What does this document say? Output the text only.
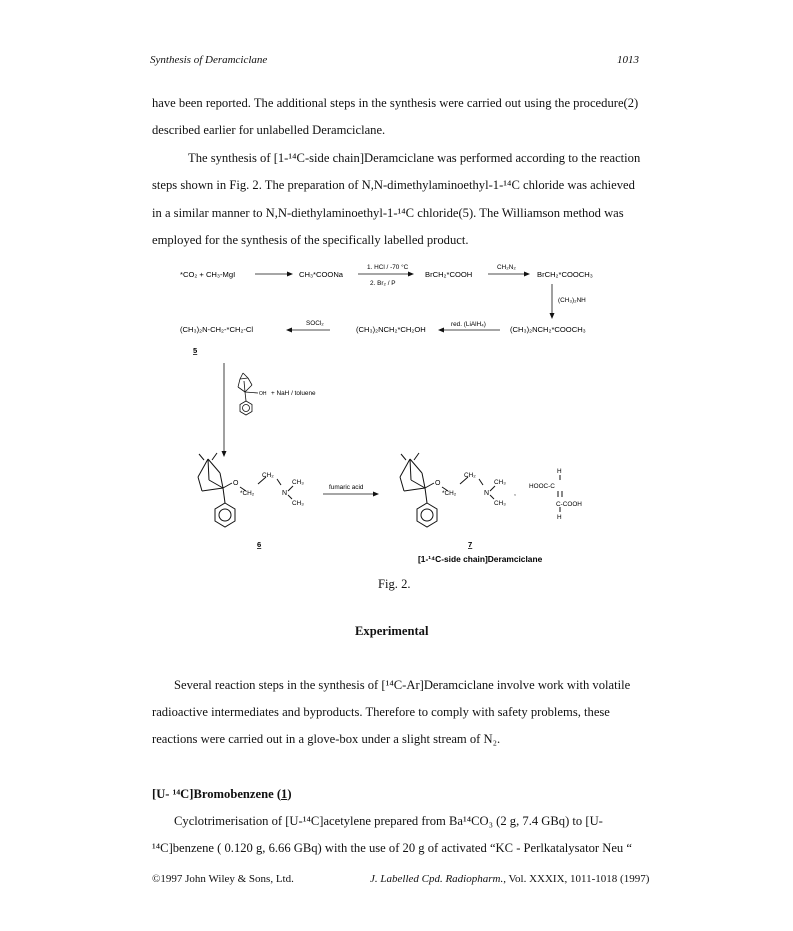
Synthesis of Deramciclane	1013
have been reported. The additional steps in the synthesis were carried out using the procedure(2)
described earlier for unlabelled Deramciclane.
The synthesis of [1-¹⁴C-side chain]Deramciclane was performed according to the reaction
steps shown in Fig. 2. The preparation of N,N-dimethylaminoethyl-1-¹⁴C chloride was achieved
in a similar manner to N,N-diethylaminoethyl-1-¹⁴C chloride(5). The Williamson method was
employed for the synthesis of the specifically labelled product.
*CO₂ + CH₃-MgI	CH₃*COONa
1. HCl / -70 °C
2. Br₂ / P
BrCH₂*COOH
CH₂N₂
BrCH₂*COOCH₃
(CH₃)₂NH
(CH₃)₂N-CH₂-*CH₂-Cl
5
SOCl₂
(CH₃)₂NCH₂*CH₂OH
red. (LiAlH₄)
(CH₃)₂NCH₂*COOCH₃
OH + NaH / toluene
O
*CH₂
CH₂
N
CH₃
CH₃
6
fumaric acid
O
*CH₂
CH₂
N
CH₃
CH₃
,
H
HOOC-C
C-COOH
H
7
[1-¹⁴C-side chain]Deramciclane
Fig. 2.
Experimental
Several reaction steps in the synthesis of [¹⁴C-Ar]Deramciclane involve work with volatile
radioactive intermediates and byproducts. Therefore to comply with safety problems, these
reactions were carried out in a glove-box under a slight stream of N₂.
[U- ¹⁴C]Bromobenzene (1)
Cyclotrimerisation of [U-¹⁴C]acetylene prepared from Ba¹⁴CO₃ (2 g, 7.4 GBq) to [U-
¹⁴C]benzene ( 0.120 g, 6.66 GBq) with the use of 20 g of activated “KC - Perlkatalysator Neu “
©1997 John Wiley & Sons, Ltd.	J. Labelled Cpd. Radiopharm., Vol. XXXIX, 1011-1018 (1997)
